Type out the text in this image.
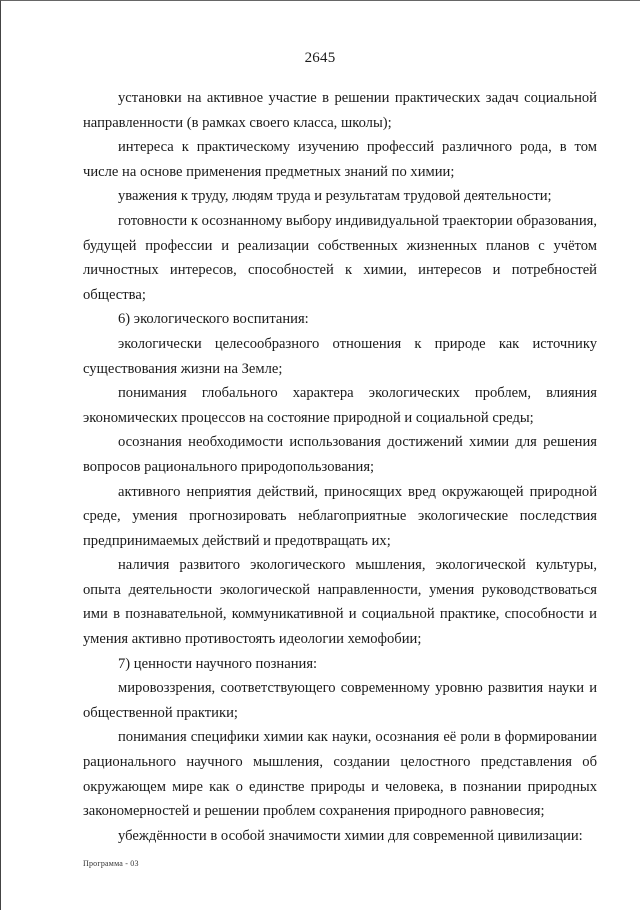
2645

установки на активное участие в решении практических задач социальной направленности (в рамках своего класса, школы);

интереса к практическому изучению профессий различного рода, в том числе на основе применения предметных знаний по химии;

уважения к труду, людям труда и результатам трудовой деятельности;

готовности к осознанному выбору индивидуальной траектории образования, будущей профессии и реализации собственных жизненных планов с учётом личностных интересов, способностей к химии, интересов и потребностей общества;

6) экологического воспитания:

экологически целесообразного отношения к природе как источнику существования жизни на Земле;

понимания глобального характера экологических проблем, влияния экономических процессов на состояние природной и социальной среды;

осознания необходимости использования достижений химии для решения вопросов рационального природопользования;

активного неприятия действий, приносящих вред окружающей природной среде, умения прогнозировать неблагоприятные экологические последствия предпринимаемых действий и предотвращать их;

наличия развитого экологического мышления, экологической культуры, опыта деятельности экологической направленности, умения руководствоваться ими в познавательной, коммуникативной и социальной практике, способности и умения активно противостоять идеологии хемофобии;

7) ценности научного познания:

мировоззрения, соответствующего современному уровню развития науки и общественной практики;

понимания специфики химии как науки, осознания её роли в формировании рационального научного мышления, создании целостного представления об окружающем мире как о единстве природы и человека, в познании природных закономерностей и решении проблем сохранения природного равновесия;

убеждённости в особой значимости химии для современной цивилизации:

Программа - 03
